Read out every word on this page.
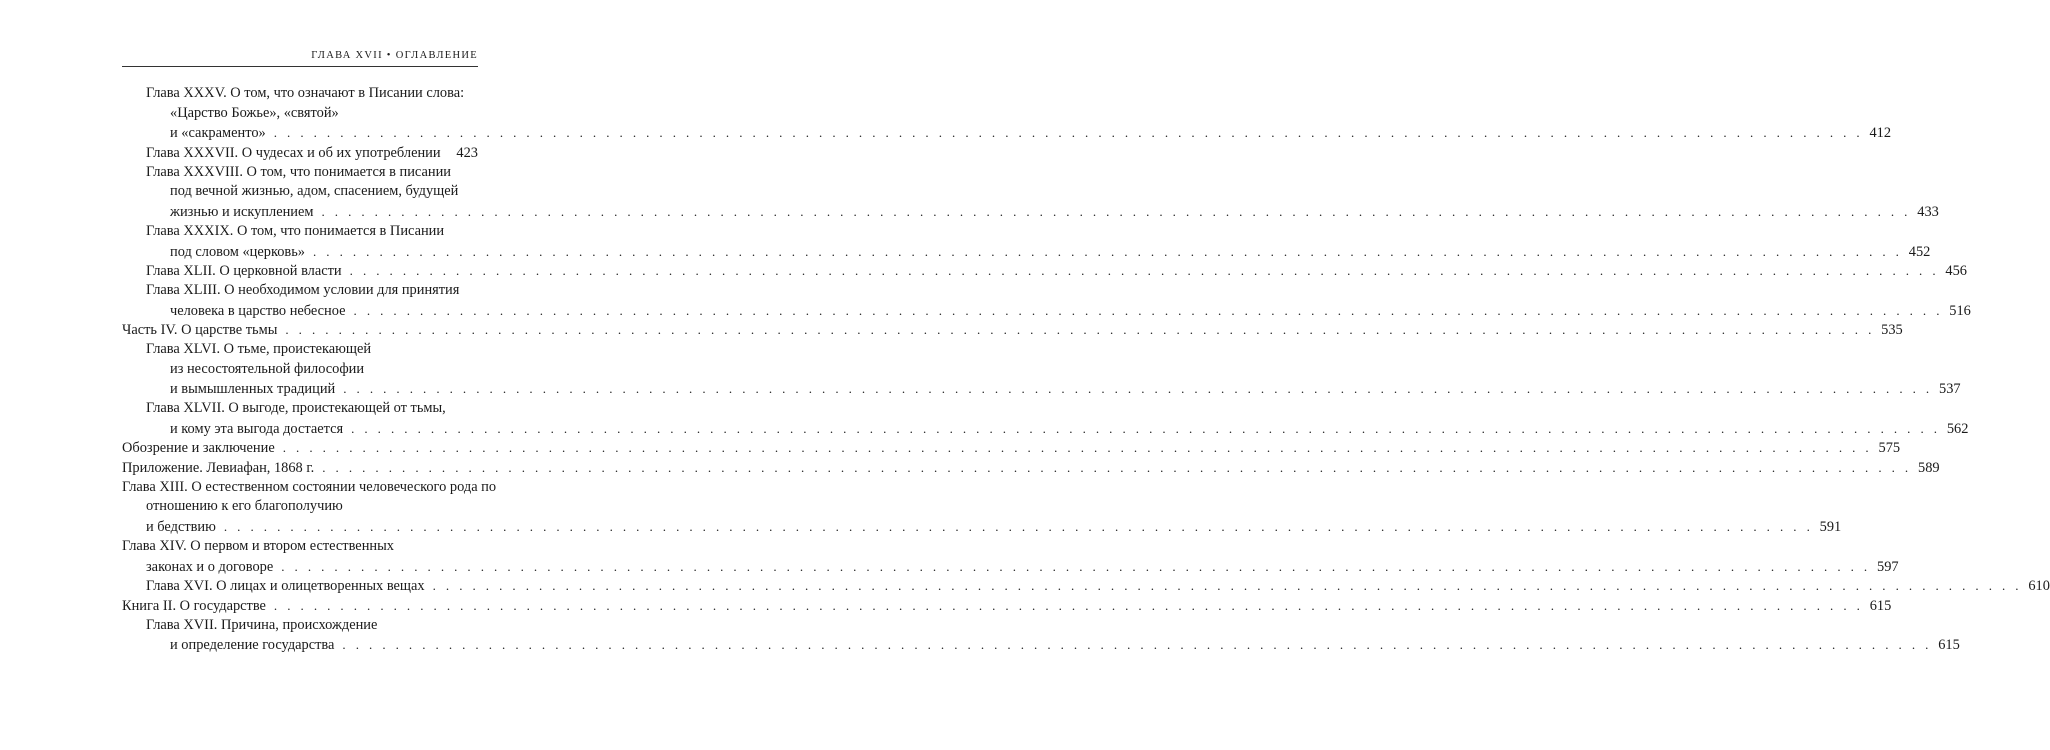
ГЛАВА XVII • ОГЛАВЛЕНИЕ
Глава XXXV. О том, что означают в Писании слова:
«Царство Божье», «святой»
и «сакраменто» . . . . . . . . . . . . . . . . . . . . . . . . . . . . . . . . . . . . . . . . . . . . . . . . . . . . . . . . . . . . . . . . . . . . . . . . . . . . . . . . . . . . . . . . . . . . . . . . . . . . . . . . . . . . . . . . . . . . . . . . 412
Глава XXXVII. О чудесах и об их употреблении 423
Глава XXXVIII. О том, что понимается в писании
под вечной жизнью, адом, спасением, будущей
жизнью и искуплением . . . . . . . . . . . . . . . . . . . . . . . . . . . . . . . . . . . . . . . . . . . . . . . . . . . . . . . . . . . . . . . . . . . . . . . . . . . . . . . . . . . . . . . . . . . . . . . . . . . . . . . . . . . . . . . . . . . . . . . . 433
Глава XXXIX. О том, что понимается в Писании
под словом «церковь» . . . . . . . . . . . . . . . . . . . . . . . . . . . . . . . . . . . . . . . . . . . . . . . . . . . . . . . . . . . . . . . . . . . . . . . . . . . . . . . . . . . . . . . . . . . . . . . . . . . . . . . . . . . . . . . . . . . . . . . . 452
Глава XLII. О церковной власти . . . . . . . . . . . . . . . . . . . . . . . . . . . . . . . . . . . . . . . . . . . . . . . . . . . . . . . . . . . . . . . . . . . . . . . . . . . . . . . . . . . . . . . . . . . . . . . . . . . . . . . . . . . . . . . . . . . . . . . . 456
Глава XLIII. О необходимом условии для принятия
человека в царство небесное . . . . . . . . . . . . . . . . . . . . . . . . . . . . . . . . . . . . . . . . . . . . . . . . . . . . . . . . . . . . . . . . . . . . . . . . . . . . . . . . . . . . . . . . . . . . . . . . . . . . . . . . . . . . . . . . . . . . . . . . 516
Часть IV. О царстве тьмы . . . . . . . . . . . . . . . . . . . . . . . . . . . . . . . . . . . . . . . . . . . . . . . . . . . . . . . . . . . . . . . . . . . . . . . . . . . . . . . . . . . . . . . . . . . . . . . . . . . . . . . . . . . . . . . . . . . . . . . . 535
Глава XLVI. О тьме, проистекающей
из несостоятельной философии
и вымышленных традиций . . . . . . . . . . . . . . . . . . . . . . . . . . . . . . . . . . . . . . . . . . . . . . . . . . . . . . . . . . . . . . . . . . . . . . . . . . . . . . . . . . . . . . . . . . . . . . . . . . . . . . . . . . . . . . . . . . . . . . . . 537
Глава XLVII. О выгоде, проистекающей от тьмы,
и кому эта выгода достается . . . . . . . . . . . . . . . . . . . . . . . . . . . . . . . . . . . . . . . . . . . . . . . . . . . . . . . . . . . . . . . . . . . . . . . . . . . . . . . . . . . . . . . . . . . . . . . . . . . . . . . . . . . . . . . . . . . . . . . . 562
Обозрение и заключение . . . . . . . . . . . . . . . . . . . . . . . . . . . . . . . . . . . . . . . . . . . . . . . . . . . . . . . . . . . . . . . . . . . . . . . . . . . . . . . . . . . . . . . . . . . . . . . . . . . . . . . . . . . . . . . . . . . . . . . . 575
Приложение. Левиафан, 1868 г. . . . . . . . . . . . . . . . . . . . . . . . . . . . . . . . . . . . . . . . . . . . . . . . . . . . . . . . . . . . . . . . . . . . . . . . . . . . . . . . . . . . . . . . . . . . . . . . . . . . . . . . . . . . . . . . . . . . . . . . . 589
Глава XIII. О естественном состоянии человеческого рода по
отношению к его благополучию
и бедствию . . . . . . . . . . . . . . . . . . . . . . . . . . . . . . . . . . . . . . . . . . . . . . . . . . . . . . . . . . . . . . . . . . . . . . . . . . . . . . . . . . . . . . . . . . . . . . . . . . . . . . . . . . . . . . . . . . . . . . . . 591
Глава XIV. О первом и втором естественных
законах и о договоре . . . . . . . . . . . . . . . . . . . . . . . . . . . . . . . . . . . . . . . . . . . . . . . . . . . . . . . . . . . . . . . . . . . . . . . . . . . . . . . . . . . . . . . . . . . . . . . . . . . . . . . . . . . . . . . . . . . . . . . . 597
Глава XVI. О лицах и олицетворенных вещах . . . . . . . . . . . . . . . . . . . . . . . . . . . . . . . . . . . . . . . . . . . . . . . . . . . . . . . . . . . . . . . . . . . . . . . . . . . . . . . . . . . . . . . . . . . . . . . . . . . . . . . . . . . . . . . . . . . . . . . . 610
Книга II. О государстве . . . . . . . . . . . . . . . . . . . . . . . . . . . . . . . . . . . . . . . . . . . . . . . . . . . . . . . . . . . . . . . . . . . . . . . . . . . . . . . . . . . . . . . . . . . . . . . . . . . . . . . . . . . . . . . . . . . . . . . . 615
Глава XVII. Причина, происхождение
и определение государства . . . . . . . . . . . . . . . . . . . . . . . . . . . . . . . . . . . . . . . . . . . . . . . . . . . . . . . . . . . . . . . . . . . . . . . . . . . . . . . . . . . . . . . . . . . . . . . . . . . . . . . . . . . . . . . . . . . . . . . . 615
